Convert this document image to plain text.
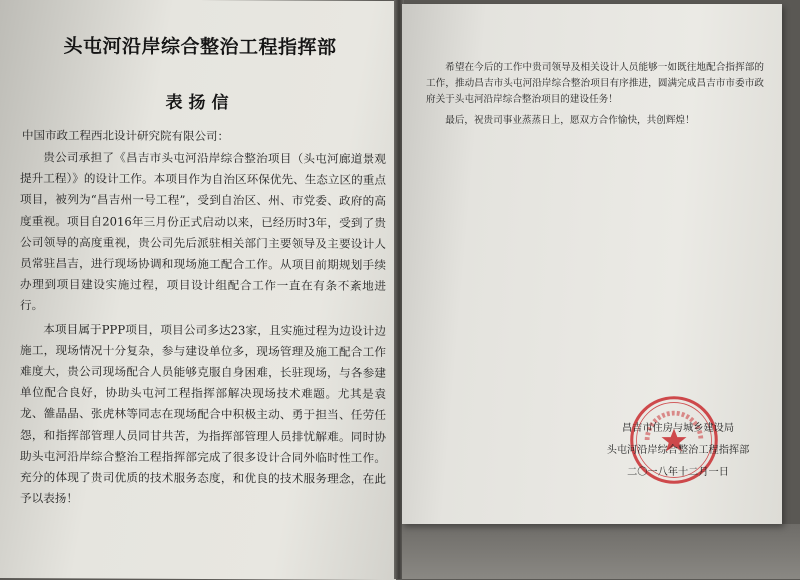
头屯河沿岸综合整治工程指挥部
表扬信
中国市政工程西北设计研究院有限公司：

贵公司承担了《昌吉市头屯河沿岸综合整治项目（头屯河廊道景观提升工程）》的设计工作。本项目作为自治区环保优先、生态立区的重点项目，被列为“昌吉州一号工程”，受到自治区、州、市党委、政府的高度重视。项目自2016年三月份正式启动以来，已经历时3年，受到了贵公司领导的高度重视，贵公司先后派驻相关部门主要领导及主要设计人员常驻昌吉，进行现场协调和现场施工配合工作。从项目前期规划手续办理到项目建设实施过程，项目设计组配合工作一直在有条不紊地进行。

本项目属于PPP项目，项目公司多达23家，且实施过程为边设计边施工，现场情况十分复杂，参与建设单位多，现场管理及施工配合工作难度大，贵公司现场配合人员能够克服自身困难，长驻现场，与各参建单位配合良好，协助头屯河工程指挥部解决现场技术难题。尤其是袁龙、雒晶晶、张虎林等同志在现场配合中积极主动、勇于担当、任劳任怨，和指挥部管理人员同甘共苦，为指挥部管理人员排忧解难。同时协助头屯河沿岸综合整治工程指挥部完成了很多设计合同外临时性工作。充分的体现了贵司优质的技术服务态度，和优良的技术服务理念，在此予以表扬！

希望在今后的工作中贵司领导及相关设计人员能够一如既往地配合指挥部的工作，推动昌吉市头屯河沿岸综合整治项目有序推进，圆满完成昌吉市市委市政府关于头屯河沿岸综合整治项目的建设任务！

最后，祝贵司事业蒸蒸日上，愿双方合作愉快，共创辉煌！

昌吉市住房与城乡建设局
头屯河沿岸综合整治工程指挥部
二〇一八年十二月一日
